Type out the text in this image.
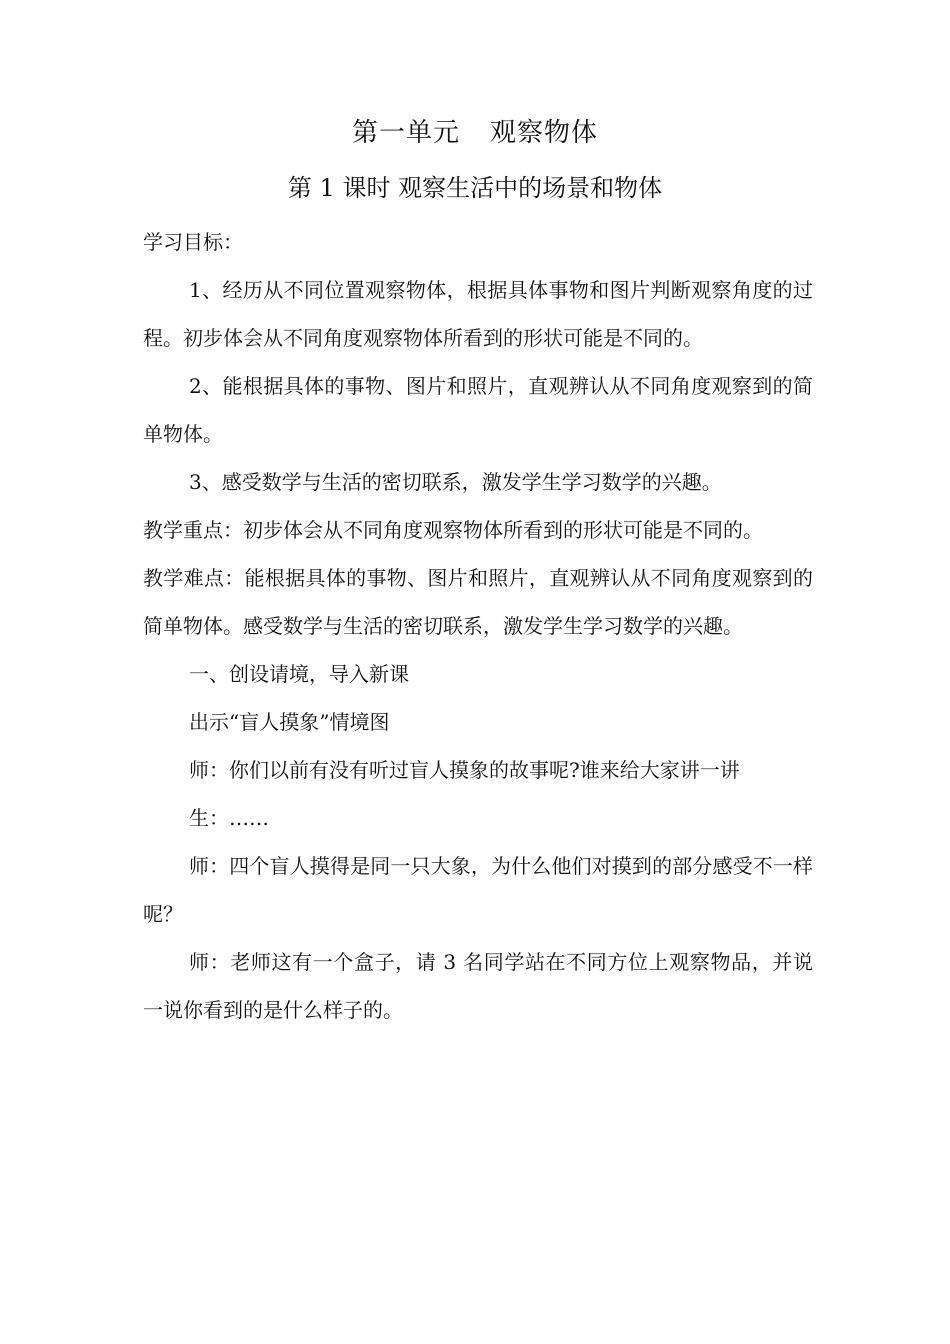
第一单元 观察物体
第 1 课时 观察生活中的场景和物体

学习目标：

1、经历从不同位置观察物体，根据具体事物和图片判断观察角度的过程。初步体会从不同角度观察物体所看到的形状可能是不同的。

2、能根据具体的事物、图片和照片，直观辨认从不同角度观察到的简单物体。

3、感受数学与生活的密切联系，激发学生学习数学的兴趣。

教学重点：初步体会从不同角度观察物体所看到的形状可能是不同的。

教学难点：能根据具体的事物、图片和照片，直观辨认从不同角度观察到的简单物体。感受数学与生活的密切联系，激发学生学习数学的兴趣。

一、创设请境，导入新课

出示“盲人摸象”情境图

师：你们以前有没有听过盲人摸象的故事呢?谁来给大家讲一讲

生：……

师：四个盲人摸得是同一只大象，为什么他们对摸到的部分感受不一样呢？

师：老师这有一个盒子，请 3 名同学站在不同方位上观察物品，并说一说你看到的是什么样子的。
